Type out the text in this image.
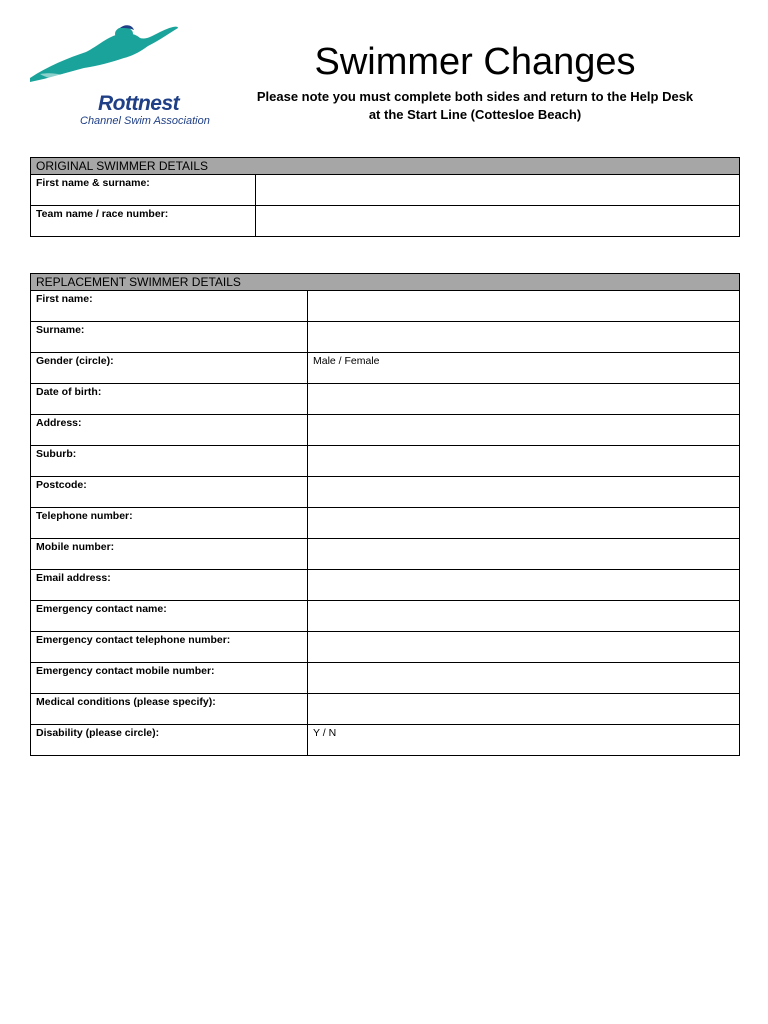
Rottnest
Channel Swim Association
Swimmer Changes

Please note you must complete both sides and return to the Help Desk at the Start Line (Cottesloe Beach)

ORIGINAL SWIMMER DETAILS	
First name & surname:	
Team name / race number:	
REPLACEMENT SWIMMER DETAILS	
First name:	
Surname:	
Gender (circle):	Male / Female
Date of birth:	
Address:	
Suburb:	
Postcode:	
Telephone number:	
Mobile number:	
Email address:	
Emergency contact name:	
Emergency contact telephone number:	
Emergency contact mobile number:	
Medical conditions (please specify):	
Disability (please circle):	Y / N
